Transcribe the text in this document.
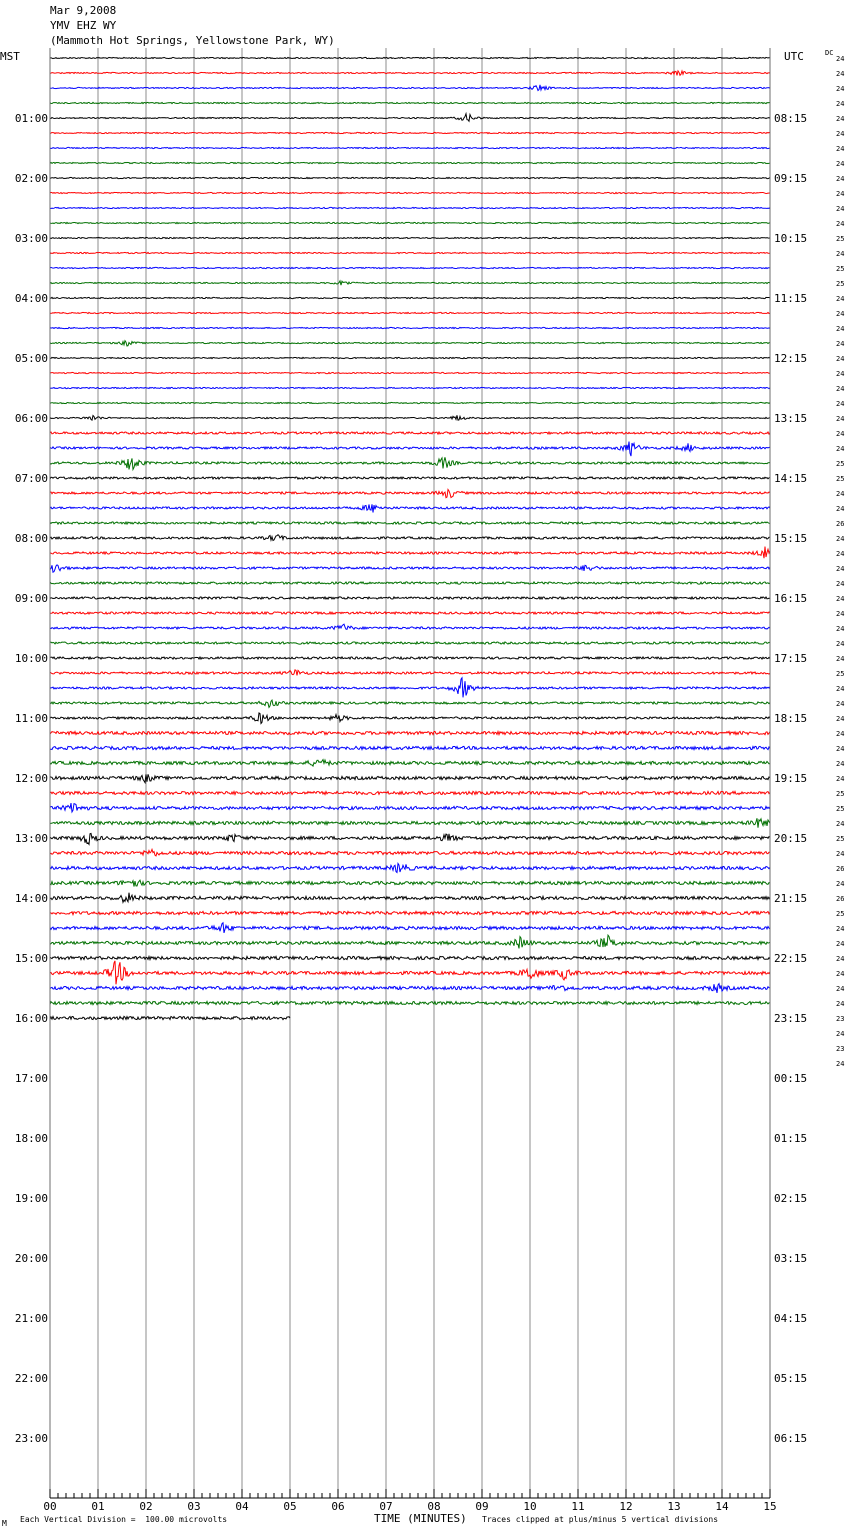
01:00
02:00
03:00
04:00
05:00
06:00
07:00
08:00
09:00
10:00
11:00
12:00
13:00
14:00
15:00
16:00
17:00
18:00
19:00
20:00
21:00
22:00
23:00
08:15
09:15
10:15
11:15
12:15
13:15
14:15
15:15
16:15
17:15
18:15
19:15
20:15
21:15
22:15
23:15
00:15
01:15
02:15
03:15
04:15
05:15
06:15
24
24
24
24
24
24
24
24
24
24
24
24
25
24
25
25
24
24
24
24
24
24
24
24
24
24
24
25
25
24
24
26
24
24
24
24
24
24
24
24
24
25
24
24
24
24
24
24
24
25
25
24
25
24
26
24
26
25
24
24
24
24
24
24
23
24
23
24
00	01	02	03	04	05	06	07	08	09	10	11	12	13	14	15
Mar 9,2008
YMV EHZ WY
(Mammoth Hot Springs, Yellowstone Park, WY)
MST	UTC	DC
M Each Vertical Division =  100.00 microvolts	TIME (MINUTES) Traces clipped at plus/minus 5 vertical divisions
